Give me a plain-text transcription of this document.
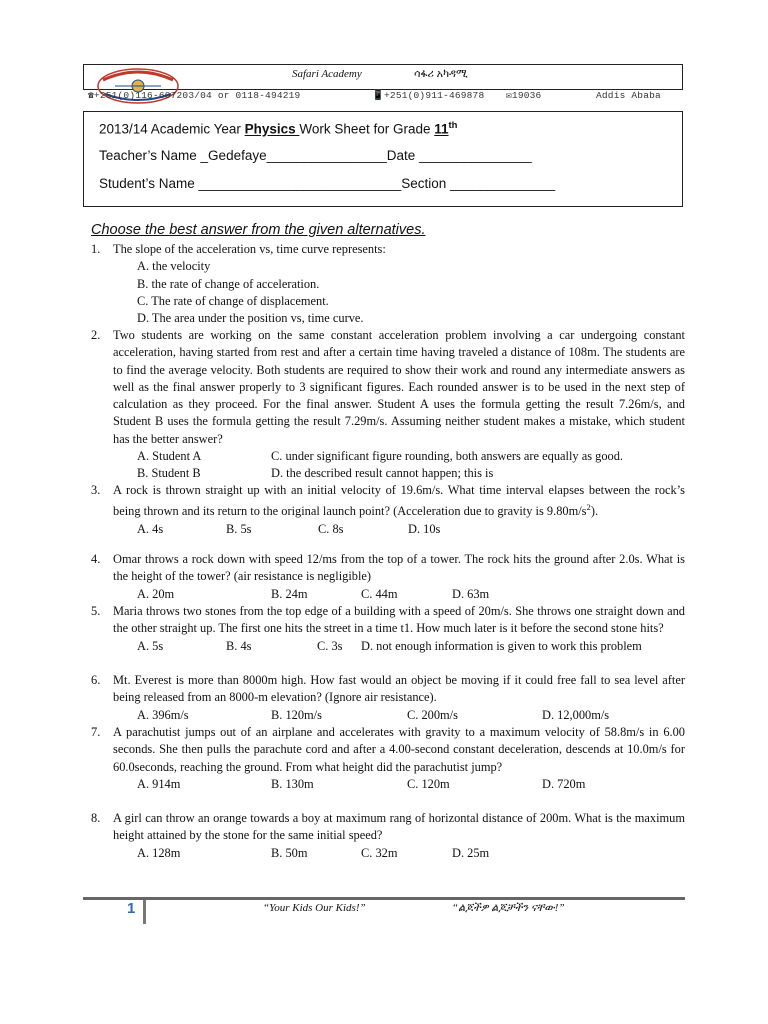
Safari Academy	ሳፋሪ አካዳሚ
☎+251(0)116-607203/04 or 0118-494219	📱+251(0)911-469878 ✉19036	Addis Ababa
2013/14 Academic Year Physics Work Sheet for Grade 11th
Teacher’s Name _Gedefaye________________Date _______________
Student’s Name ___________________________Section ______________
Choose the best answer from the given alternatives.
1. The slope of the acceleration vs, time curve represents:
A. the velocity
B. the rate of change of acceleration.
C. The rate of change of displacement.
D. The area under the position vs, time curve.
2. Two students are working on the same constant acceleration problem involving a car undergoing constant acceleration, having started from rest and after a certain time having traveled a distance of 108m. The students are to find the average velocity. Both students are required to show their work and round any intermediate answers as well as the final answer properly to 3 significant figures. Each rounded answer is to be used in the next step of calculation as they proceed. For the final answer. Student A uses the formula getting the result 7.26m/s, and Student B uses the formula getting the result 7.29m/s. Assuming neither student makes a mistake, which student has the better answer?
A. Student A	C. under significant figure rounding, both answers are equally as good.
B. Student B	D. the described result cannot happen; this is
3. A rock is thrown straight up with an initial velocity of 19.6m/s. What time interval elapses between the rock’s being thrown and its return to the original launch point? (Acceleration due to gravity is $9.80m/s^2$).
A. 4s	B. 5s	C. 8s	D. 10s
4. Omar throws a rock down with speed 12/ms from the top of a tower. The rock hits the ground after 2.0s. What is the height of the tower? (air resistance is negligible)
A. 20m	B. 24m	C. 44m	D. 63m
5. Maria throws two stones from the top edge of a building with a speed of 20m/s. She throws one straight down and the other straight up. The first one hits the street in a time t1. How much later is it before the second stone hits?
A. 5s	B. 4s	C. 3s D. not enough information is given to work this problem
6. Mt. Everest is more than 8000m high. How fast would an object be moving if it could free fall to sea level after being released from an 8000-m elevation? (Ignore air resistance).
A. 396m/s	B. 120m/s	C. 200m/s	D. 12,000m/s
7. A parachutist jumps out of an airplane and accelerates with gravity to a maximum velocity of 58.8m/s in 6.00 seconds. She then pulls the parachute cord and after a 4.00-second constant deceleration, descends at 10.0m/s for 60.0seconds, reaching the ground. From what height did the parachutist jump?
A. 914m	B. 130m	C. 120m	D. 720m
8. A girl can throw an orange towards a boy at maximum rang of horizontal distance of 200m. What is the maximum height attained by the stone for the same initial speed?
A. 128m	B. 50m	C. 32m	D. 25m
1	“Your Kids Our Kids!”	“ልጆችዎ ልጆቻችን ናቸው!”
